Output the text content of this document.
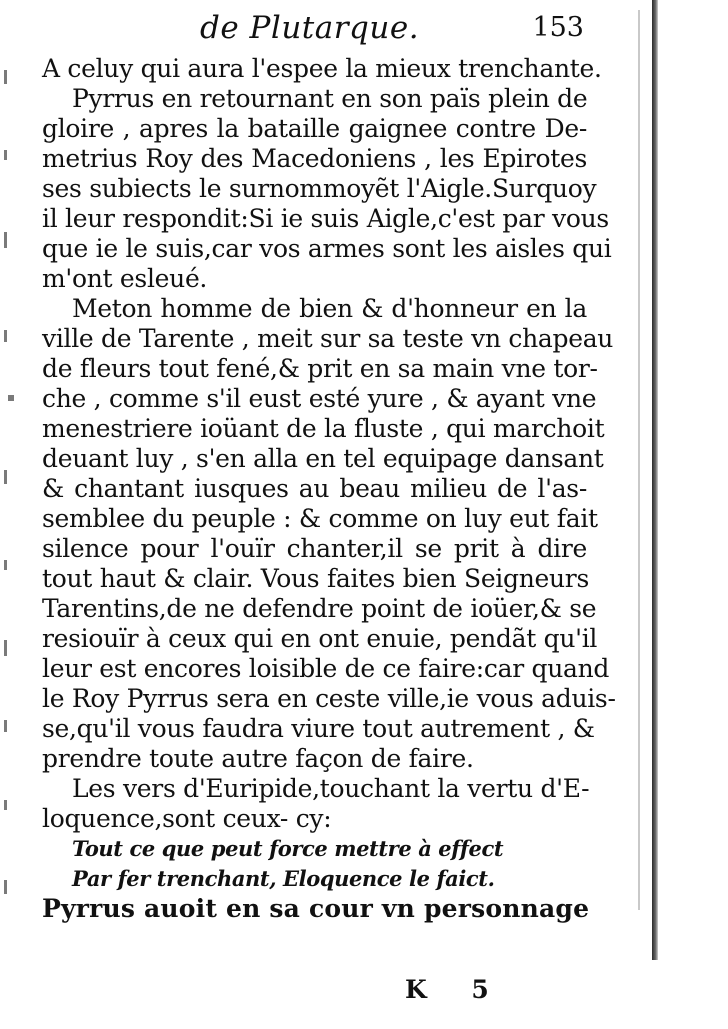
de Plutarque.	153
A celuy qui aura l'espee la mieux trenchante.
Pyrrus en retournant en son païs plein de
gloire , apres la bataille gaignee contre De-
metrius Roy des Macedoniens , les Epirotes
ses subiects le surnommoyẽt l'Aigle.Surquoy
il leur respondit:Si ie suis Aigle,c'est par vous
que ie le suis,car vos armes sont les aisles qui
m'ont esleué.
Meton homme de bien & d'honneur en la
ville de Tarente , meit sur sa teste vn chapeau
de fleurs tout fené,& prit en sa main vne tor-
che , comme s'il eust esté yure , & ayant vne
menestriere ioüant de la fluste , qui marchoit
deuant luy , s'en alla en tel equipage dansant
& chantant iusques au beau milieu de l'as-
semblee du peuple : & comme on luy eut fait
silence pour l'ouïr chanter,il se prit à dire
tout haut & clair. Vous faites bien Seigneurs
Tarentins,de ne defendre point de ioüer,& se
resiouïr à ceux qui en ont enuie, pendãt qu'il
leur est encores loisible de ce faire:car quand
le Roy Pyrrus sera en ceste ville,ie vous aduis-
se,qu'il vous faudra viure tout autrement , &
prendre toute autre façon de faire.
Les vers d'Euripide,touchant la vertu d'E-
loquence,sont ceux- cy:
Tout ce que peut force mettre à effect
Par fer trenchant, Eloquence le faict.
Pyrrus auoit en sa cour vn personnage
K 5
